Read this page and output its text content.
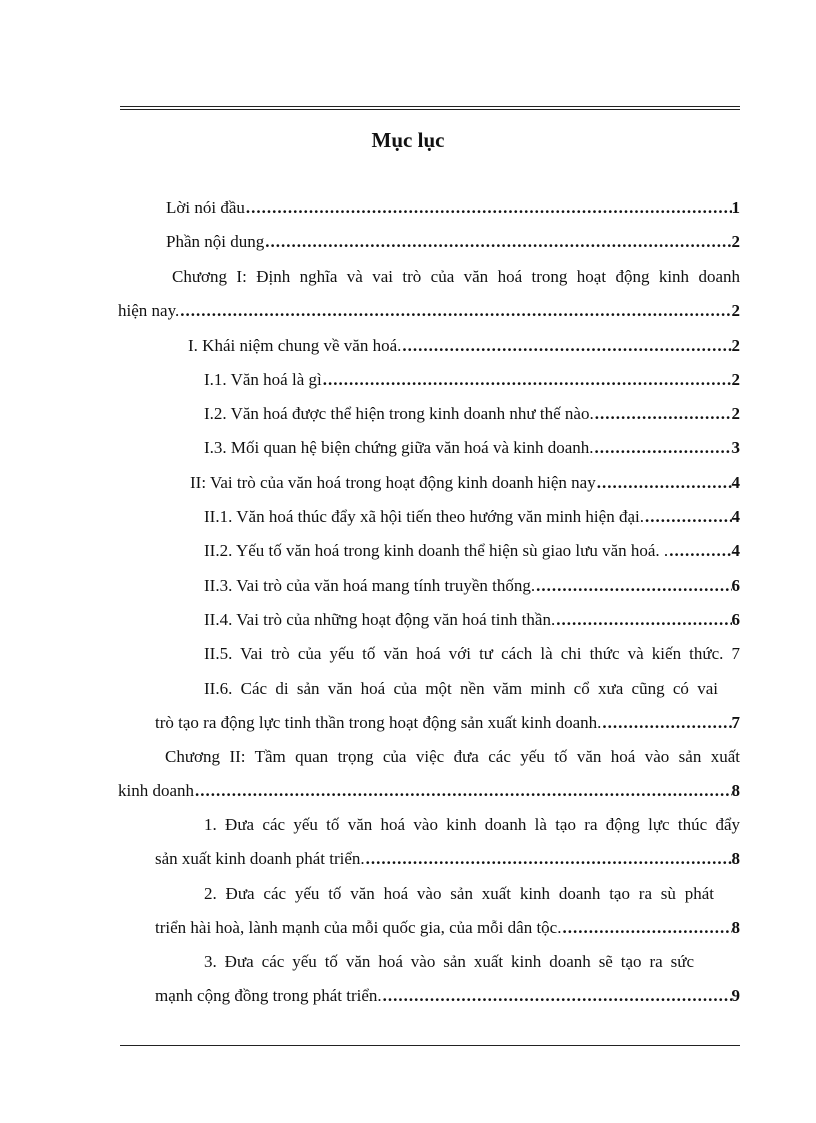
Mục lục
Lời nói đầu .....	1
Phần nội dung .....	2
Chương I: Định nghĩa và vai trò của văn hoá trong hoạt động kinh doanh
hiện nay. .....	2
I. Khái niệm chung về văn hoá. .....	2
I.1. Văn hoá là gì .....	2
I.2. Văn hoá được thể hiện trong kinh doanh như thế nào. .....	2
I.3. Mối quan hệ biện chứng giữa văn hoá và kinh doanh. .....	3
II: Vai trò của văn hoá trong hoạt động kinh doanh hiện nay .....	4
II.1. Văn hoá thúc đẩy xã hội tiến theo hướng văn minh hiện đại. .....	4
II.2. Yếu tố văn hoá trong kinh doanh thể hiện sù giao lưu văn hoá. . .....	4
II.3. Vai trò của văn hoá mang tính truyền thống. .....	6
II.4. Vai trò của những hoạt động văn hoá tinh thần. .....	6
II.5. Vai trò của yếu tố văn hoá với tư cách là chi thức và kiến thức. 7
II.6. Các di sản văn hoá của một nền văm minh cổ xưa cũng có vai
trò tạo ra động lực tinh thần trong hoạt động sản xuất kinh doanh. .....	7
Chương II: Tầm quan trọng của việc đưa các yếu tố văn hoá vào sản xuất
kinh doanh .....	8
1. Đưa các yếu tố văn hoá vào kinh doanh là tạo ra động lực thúc đẩy
sản xuất kinh doanh phát triển. .....	8
2. Đưa các yếu tố văn hoá vào sản xuất kinh doanh tạo ra sù phát
triển hài hoà, lành mạnh của mỗi quốc gia, của mỗi dân tộc. .....	8
3. Đưa các yếu tố văn hoá vào sản xuất kinh doanh sẽ tạo ra sức
mạnh cộng đồng trong phát triển. .....	9
